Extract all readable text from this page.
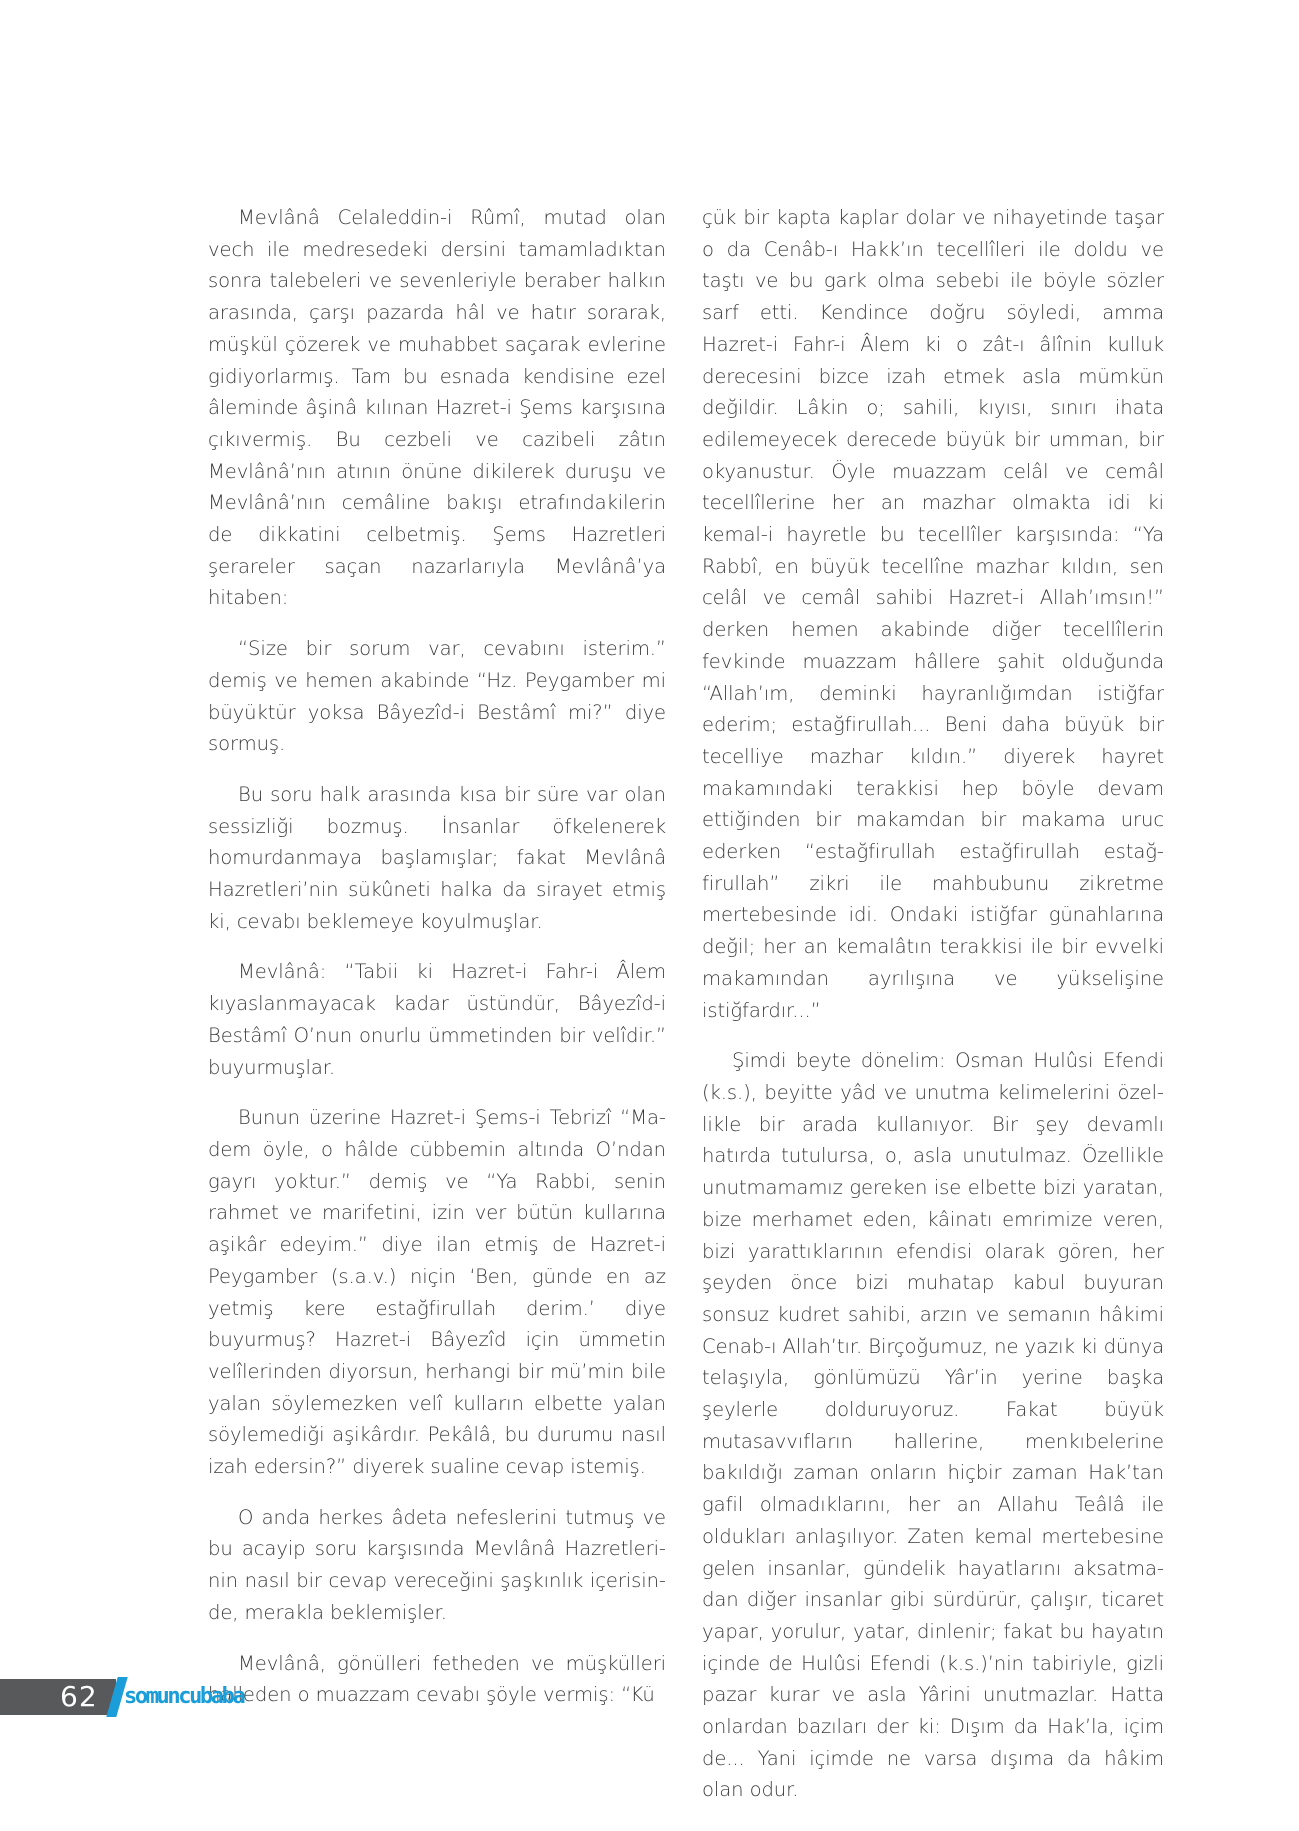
Mevlânâ Celaleddin-i Rûmî, mutad olan vech ile medresedeki dersini tamamladıktan sonra talebeleri ve sevenleriyle beraber halkın arasında, çarşı pazarda hâl ve hatır sorarak, müşkül çözerek ve muhabbet saçarak evlerine gidiyorlarmış. Tam bu esnada kendisine ezel âleminde âşinâ kılınan Hazret-i Şems karşısına çıkıvermiş. Bu cezbeli ve cazibeli zâtın Mevlânâ’nın atının önüne dikilerek duruşu ve Mevlânâ’nın cemâline bakışı etrafındakilerin de dikkatini celbetmiş. Şems Hazretleri şerareler saçan nazarlarıyla Mevlânâ’ya hitaben:

“Size bir sorum var, cevabını isterim.” demiş ve hemen akabinde “Hz. Peygamber mi büyüktür yoksa Bâyezîd-i Bestâmî mi?” diye sormuş.

Bu soru halk arasında kısa bir süre var olan sessizliği bozmuş. İnsanlar öfkelenerek homurdanmaya başlamışlar; fakat Mevlânâ Hazretleri’nin sükûneti halka da sirayet etmiş ki, cevabı beklemeye koyulmuşlar.

Mevlânâ: “Tabii ki Hazret-i Fahr-i Âlem kıyaslanmayacak kadar üstündür, Bâyezîd-i Bestâmî O’nun onurlu ümmetinden bir velîdir.” buyurmuşlar.

Bunun üzerine Hazret-i Şems-i Tebrizî “Madem öyle, o hâlde cübbemin altında O’ndan gayrı yoktur.” demiş ve “Ya Rabbi, senin rahmet ve marifetini, izin ver bütün kullarına aşikâr edeyim.” diye ilan etmiş de Hazret-i Peygamber (s.a.v.) niçin ‘Ben, günde en az yetmiş kere estağfirullah derim.’ diye buyurmuş? Hazret-i Bâyezîd için ümmetin velîlerinden diyorsun, herhangi bir mü’min bile yalan söylemezken velî kulların elbette yalan söylemediği aşikârdır. Pekâlâ, bu durumu nasıl izah edersin?” diyerek sualine cevap istemiş.

O anda herkes âdeta nefeslerini tutmuş ve bu acayip soru karşısında Mevlânâ Hazretlerinin nasıl bir cevap vereceğini şaşkınlık içerisinde, merakla beklemişler.

Mevlânâ, gönülleri fetheden ve müşkülleri halleden o muazzam cevabı şöyle vermiş: “Kü

çük bir kapta kaplar dolar ve nihayetinde taşar o da Cenâb-ı Hakk’ın tecellîleri ile doldu ve taştı ve bu gark olma sebebi ile böyle sözler sarf etti. Kendince doğru söyledi, amma Hazret-i Fahr-i Âlem ki o zât-ı âlînin kulluk derecesini bizce izah etmek asla mümkün değildir. Lâkin o; sahili, kıyısı, sınırı ihata edilemeyecek derecede büyük bir umman, bir okyanustur. Öyle muazzam celâl ve cemâl tecellîlerine her an mazhar olmakta idi ki kemal-i hayretle bu tecellîler karşısında: “Ya Rabbî, en büyük tecellîne mazhar kıldın, sen celâl ve cemâl sahibi Hazret-i Allah’ımsın!” derken hemen akabinde diğer tecellîlerin fevkinde muazzam hâllere şahit olduğunda “Allah’ım, deminki hayranlığımdan istiğfar ederim; estağfirullah... Beni daha büyük bir tecelliye mazhar kıldın.” diyerek hayret makamındaki terakkisi hep böyle devam ettiğinden bir makamdan bir makama uruc ederken “estağfirullah estağfirullah estağfirullah” zikri ile mahbubunu zikretme mertebesinde idi. Ondaki istiğfar günahlarına değil; her an kemalâtın terakkisi ile bir evvelki makamından ayrılışına ve yükselişine istiğfardır...”

Şimdi beyte dönelim: Osman Hulûsi Efendi (k.s.), beyitte yâd ve unutma kelimelerini özellikle bir arada kullanıyor. Bir şey devamlı hatırda tutulursa, o, asla unutulmaz. Özellikle unutmamamız gereken ise elbette bizi yaratan, bize merhamet eden, kâinatı emrimize veren, bizi yarattıklarının efendisi olarak gören, her şeyden önce bizi muhatap kabul buyuran sonsuz kudret sahibi, arzın ve semanın hâkimi Cenab-ı Allah’tır. Birçoğumuz, ne yazık ki dünya telaşıyla, gönlümüzü Yâr’in yerine başka şeylerle dolduruyoruz. Fakat büyük mutasavvıfların hallerine, menkıbelerine bakıldığı zaman onların hiçbir zaman Hak’tan gafil olmadıklarını, her an Allahu Teâlâ ile oldukları anlaşılıyor. Zaten kemal mertebesine gelen insanlar, gündelik hayatlarını aksatmadan diğer insanlar gibi sürdürür, çalışır, ticaret yapar, yorulur, yatar, dinlenir; fakat bu hayatın içinde de Hulûsi Efendi (k.s.)’nin tabiriyle, gizli pazar kurar ve asla Yârini unutmazlar. Hatta onlardan bazıları der ki: Dışım da Hak’la, içim de... Yani içimde ne varsa dışıma da hâkim olan odur.

62 somuncubaba
